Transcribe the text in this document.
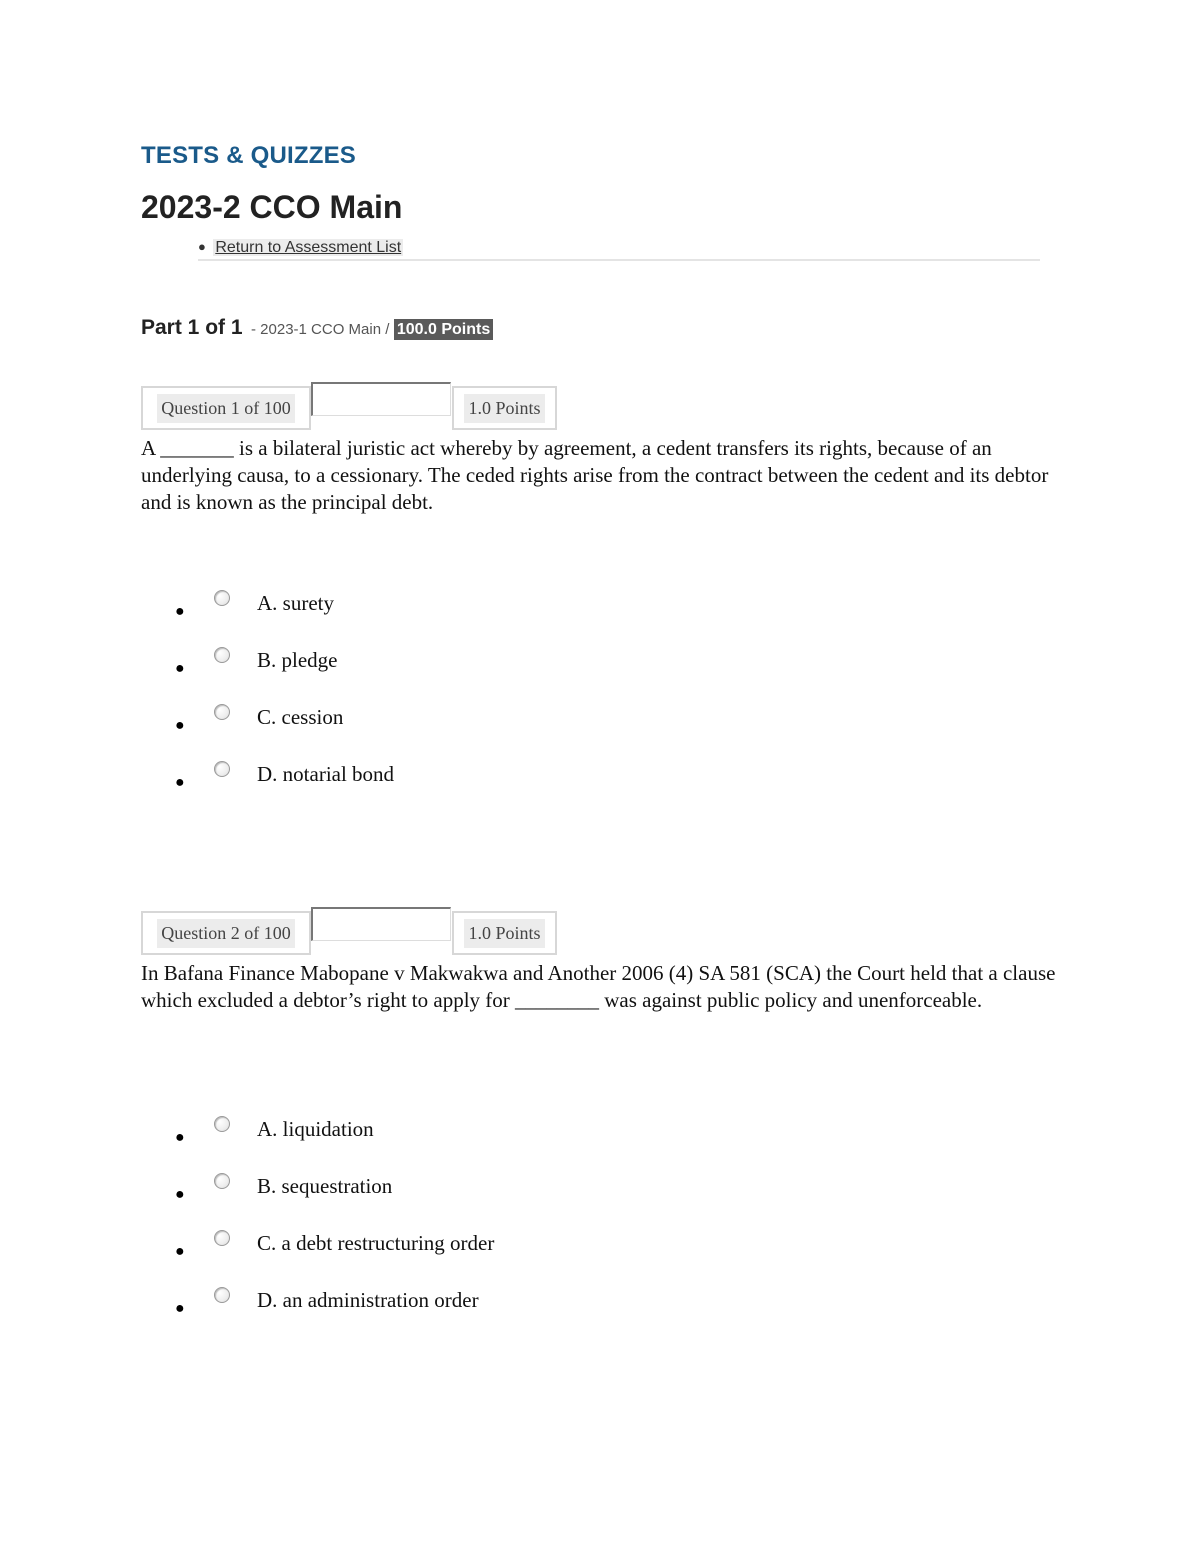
TESTS & QUIZZES
2023-2 CCO Main
● Return to Assessment List
Part 1 of 1 - 2023-1 CCO Main / 100.0 Points
Question 1 of 100	1.0 Points

A _______ is a bilateral juristic act whereby by agreement, a cedent transfers its rights, because of an underlying causa, to a cessionary. The ceded rights arise from the contract between the cedent and its debtor and is known as the principal debt.

●	A. surety
●	B. pledge
●	C. cession
●	D. notarial bond
Question 2 of 100	1.0 Points

In Bafana Finance Mabopane v Makwakwa and Another 2006 (4) SA 581 (SCA) the Court held that a clause which excluded a debtor’s right to apply for ________ was against public policy and unenforceable.

●	A. liquidation
●	B. sequestration
●	C. a debt restructuring order
●	D. an administration order
